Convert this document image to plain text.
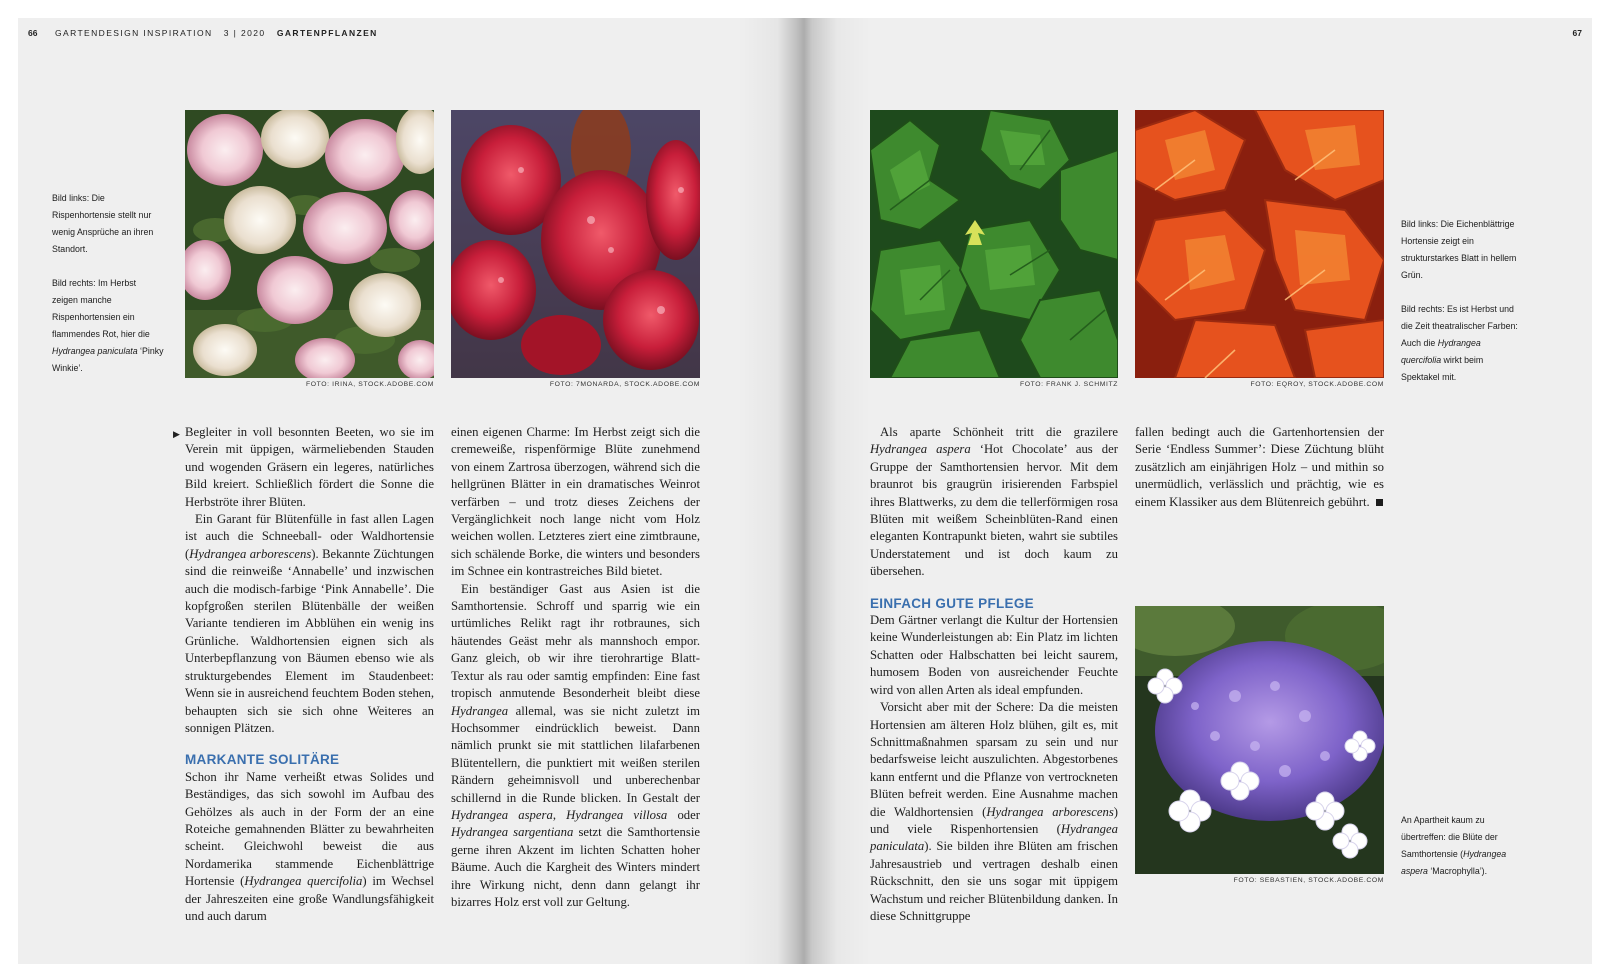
66 GARTENDESIGN INSPIRATION 3 | 2020 GARTENPFLANZEN	67

Bild links: Die Rispenhortensie stellt nur wenig Ansprüche an ihren Standort.

Bild rechts: Im Herbst zeigen manche Rispenhortensien ein flammendes Rot, hier die Hydrangea paniculata ‘Pinky Winkie’.

FOTO: IRINA, STOCK.ADOBE.COM	FOTO: 7MONARDA, STOCK.ADOBE.COM	FOTO: FRANK J. SCHMITZ	FOTO: EQROY, STOCK.ADOBE.COM

Bild links: Die Eichenblättrige Hortensie zeigt ein strukturstarkes Blatt in hellem Grün.

Bild rechts: Es ist Herbst und die Zeit theatralischer Farben: Auch die Hydrangea quercifolia wirkt beim Spektakel mit.

FOTO: SEBASTIEN, STOCK.ADOBE.COM

An Apartheit kaum zu übertreffen: die Blüte der Samthortensie (Hydrangea aspera ‘Macrophylla’).

▶ Begleiter in voll besonnten Beeten, wo sie im Verein mit üppigen, wärmeliebenden Stauden und wogenden Gräsern ein legeres, natürliches Bild kreiert. Schließlich fördert die Sonne die Herbströte ihrer Blüten.

Ein Garant für Blütenfülle in fast allen Lagen ist auch die Schneeball- oder Waldhortensie (Hydrangea arborescens). Bekannte Züchtungen sind die reinweiße ‘Annabelle’ und inzwischen auch die modisch-farbige ‘Pink Annabelle’. Die kopfgroßen sterilen Blütenbälle der weißen Variante tendieren im Abblühen ein wenig ins Grünliche. Waldhortensien eignen sich als Unterbepflanzung von Bäumen ebenso wie als strukturgebendes Element im Staudenbeet: Wenn sie in ausreichend feuchtem Boden stehen, behaupten sich sie sich ohne Weiteres an sonnigen Plätzen.

MARKANTE SOLITÄRE

Schon ihr Name verheißt etwas Solides und Beständiges, das sich sowohl im Aufbau des Gehölzes als auch in der Form der an eine Roteiche gemahnenden Blätter zu bewahrheiten scheint. Gleichwohl beweist die aus Nordamerika stammende Eichenblättrige Hortensie (Hydrangea quercifolia) im Wechsel der Jahreszeiten eine große Wandlungsfähigkeit und auch darum

einen eigenen Charme: Im Herbst zeigt sich die cremeweiße, rispenförmige Blüte zunehmend von einem Zartrosa überzogen, während sich die hellgrünen Blätter in ein dramatisches Weinrot verfärben – und trotz dieses Zeichens der Vergänglichkeit noch lange nicht vom Holz weichen wollen. Letzteres ziert eine zimtbraune, sich schälende Borke, die winters und besonders im Schnee ein kontrastreiches Bild bietet.

Ein beständiger Gast aus Asien ist die Samthortensie. Schroff und sparrig wie ein urtümliches Relikt ragt ihr rotbraunes, sich häutendes Geäst mehr als mannshoch empor. Ganz gleich, ob wir ihre tierohrartige Blatt-Textur als rau oder samtig empfinden: Eine fast tropisch anmutende Besonderheit bleibt diese Hydrangea allemal, was sie nicht zuletzt im Hochsommer eindrücklich beweist. Dann nämlich prunkt sie mit stattlichen lilafarbenen Blütentellern, die punktiert mit weißen sterilen Rändern geheimnisvoll und unberechenbar schillernd in die Runde blicken. In Gestalt der Hydrangea aspera, Hydrangea villosa oder Hydrangea sargentiana setzt die Samthortensie gerne ihren Akzent im lichten Schatten hoher Bäume. Auch die Kargheit des Winters mindert ihre Wirkung nicht, denn dann gelangt ihr bizarres Holz erst voll zur Geltung.

Als aparte Schönheit tritt die grazilere Hydrangea aspera ‘Hot Chocolate’ aus der Gruppe der Samthortensien hervor. Mit dem braunrot bis graugrün irisierenden Farbspiel ihres Blattwerks, zu dem die tellerförmigen rosa Blüten mit weißem Scheinblüten-Rand einen eleganten Kontrapunkt bieten, wahrt sie subtiles Understatement und ist doch kaum zu übersehen.

EINFACH GUTE PFLEGE

Dem Gärtner verlangt die Kultur der Hortensien keine Wunderleistungen ab: Ein Platz im lichten Schatten oder Halbschatten bei leicht saurem, humosem Boden von ausreichender Feuchte wird von allen Arten als ideal empfunden.

Vorsicht aber mit der Schere: Da die meisten Hortensien am älteren Holz blühen, gilt es, mit Schnittmaßnahmen sparsam zu sein und nur bedarfsweise leicht auszulichten. Abgestorbenes kann entfernt und die Pflanze von vertrockneten Blüten befreit werden. Eine Ausnahme machen die Waldhortensien (Hydrangea arborescens) und viele Rispenhortensien (Hydrangea paniculata). Sie bilden ihre Blüten am frischen Jahresaustrieb und vertragen deshalb einen Rückschnitt, den sie uns sogar mit üppigem Wachstum und reicher Blütenbildung danken. In diese Schnittgruppe

fallen bedingt auch die Gartenhortensien der Serie ‘Endless Summer’: Diese Züchtung blüht zusätzlich am einjährigen Holz – und mithin so unermüdlich, verlässlich und prächtig, wie es einem Klassiker aus dem Blütenreich gebührt.
